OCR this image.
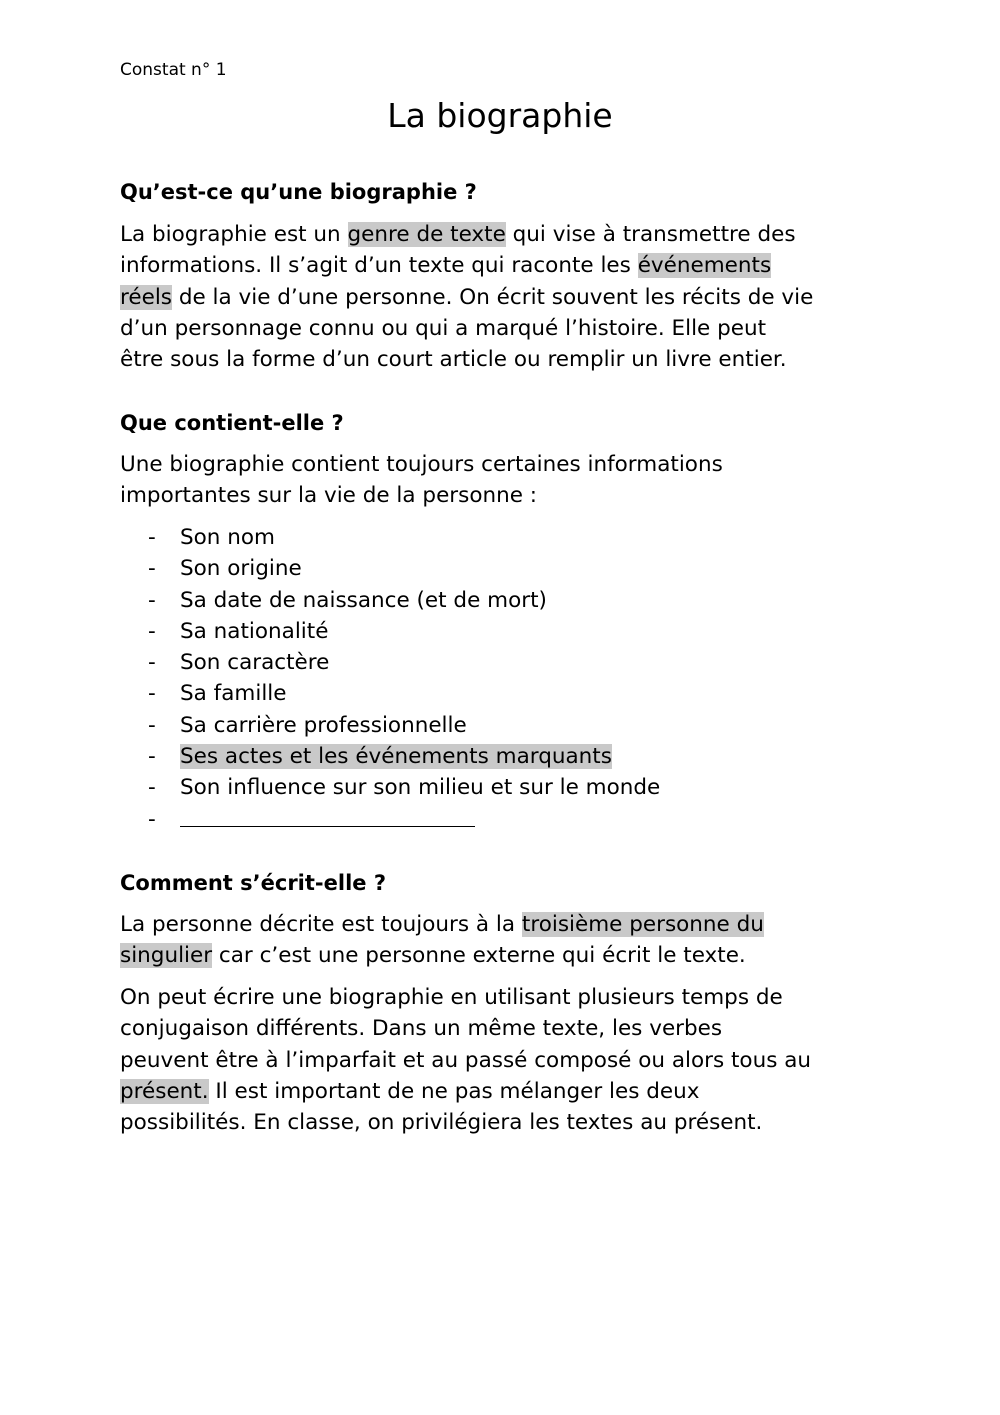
Constat n° 1
La biographie
Qu’est-ce qu’une biographie ?
La biographie est un genre de texte qui vise à transmettre des
informations. Il s’agit d’un texte qui raconte les événements
réels de la vie d’une personne. On écrit souvent les récits de vie
d’un personnage connu ou qui a marqué l’histoire. Elle peut
être sous la forme d’un court article ou remplir un livre entier.
Que contient-elle ?
Une biographie contient toujours certaines informations
importantes sur la vie de la personne :
- Son nom
- Son origine
- Sa date de naissance (et de mort)
- Sa nationalité
- Son caractère
- Sa famille
- Sa carrière professionnelle
- Ses actes et les événements marquants
- Son influence sur son milieu et sur le monde
-
Comment s’écrit-elle ?
La personne décrite est toujours à la troisième personne du
singulier car c’est une personne externe qui écrit le texte.
On peut écrire une biographie en utilisant plusieurs temps de
conjugaison différents. Dans un même texte, les verbes
peuvent être à l’imparfait et au passé composé ou alors tous au
présent. Il est important de ne pas mélanger les deux
possibilités. En classe, on privilégiera les textes au présent.
